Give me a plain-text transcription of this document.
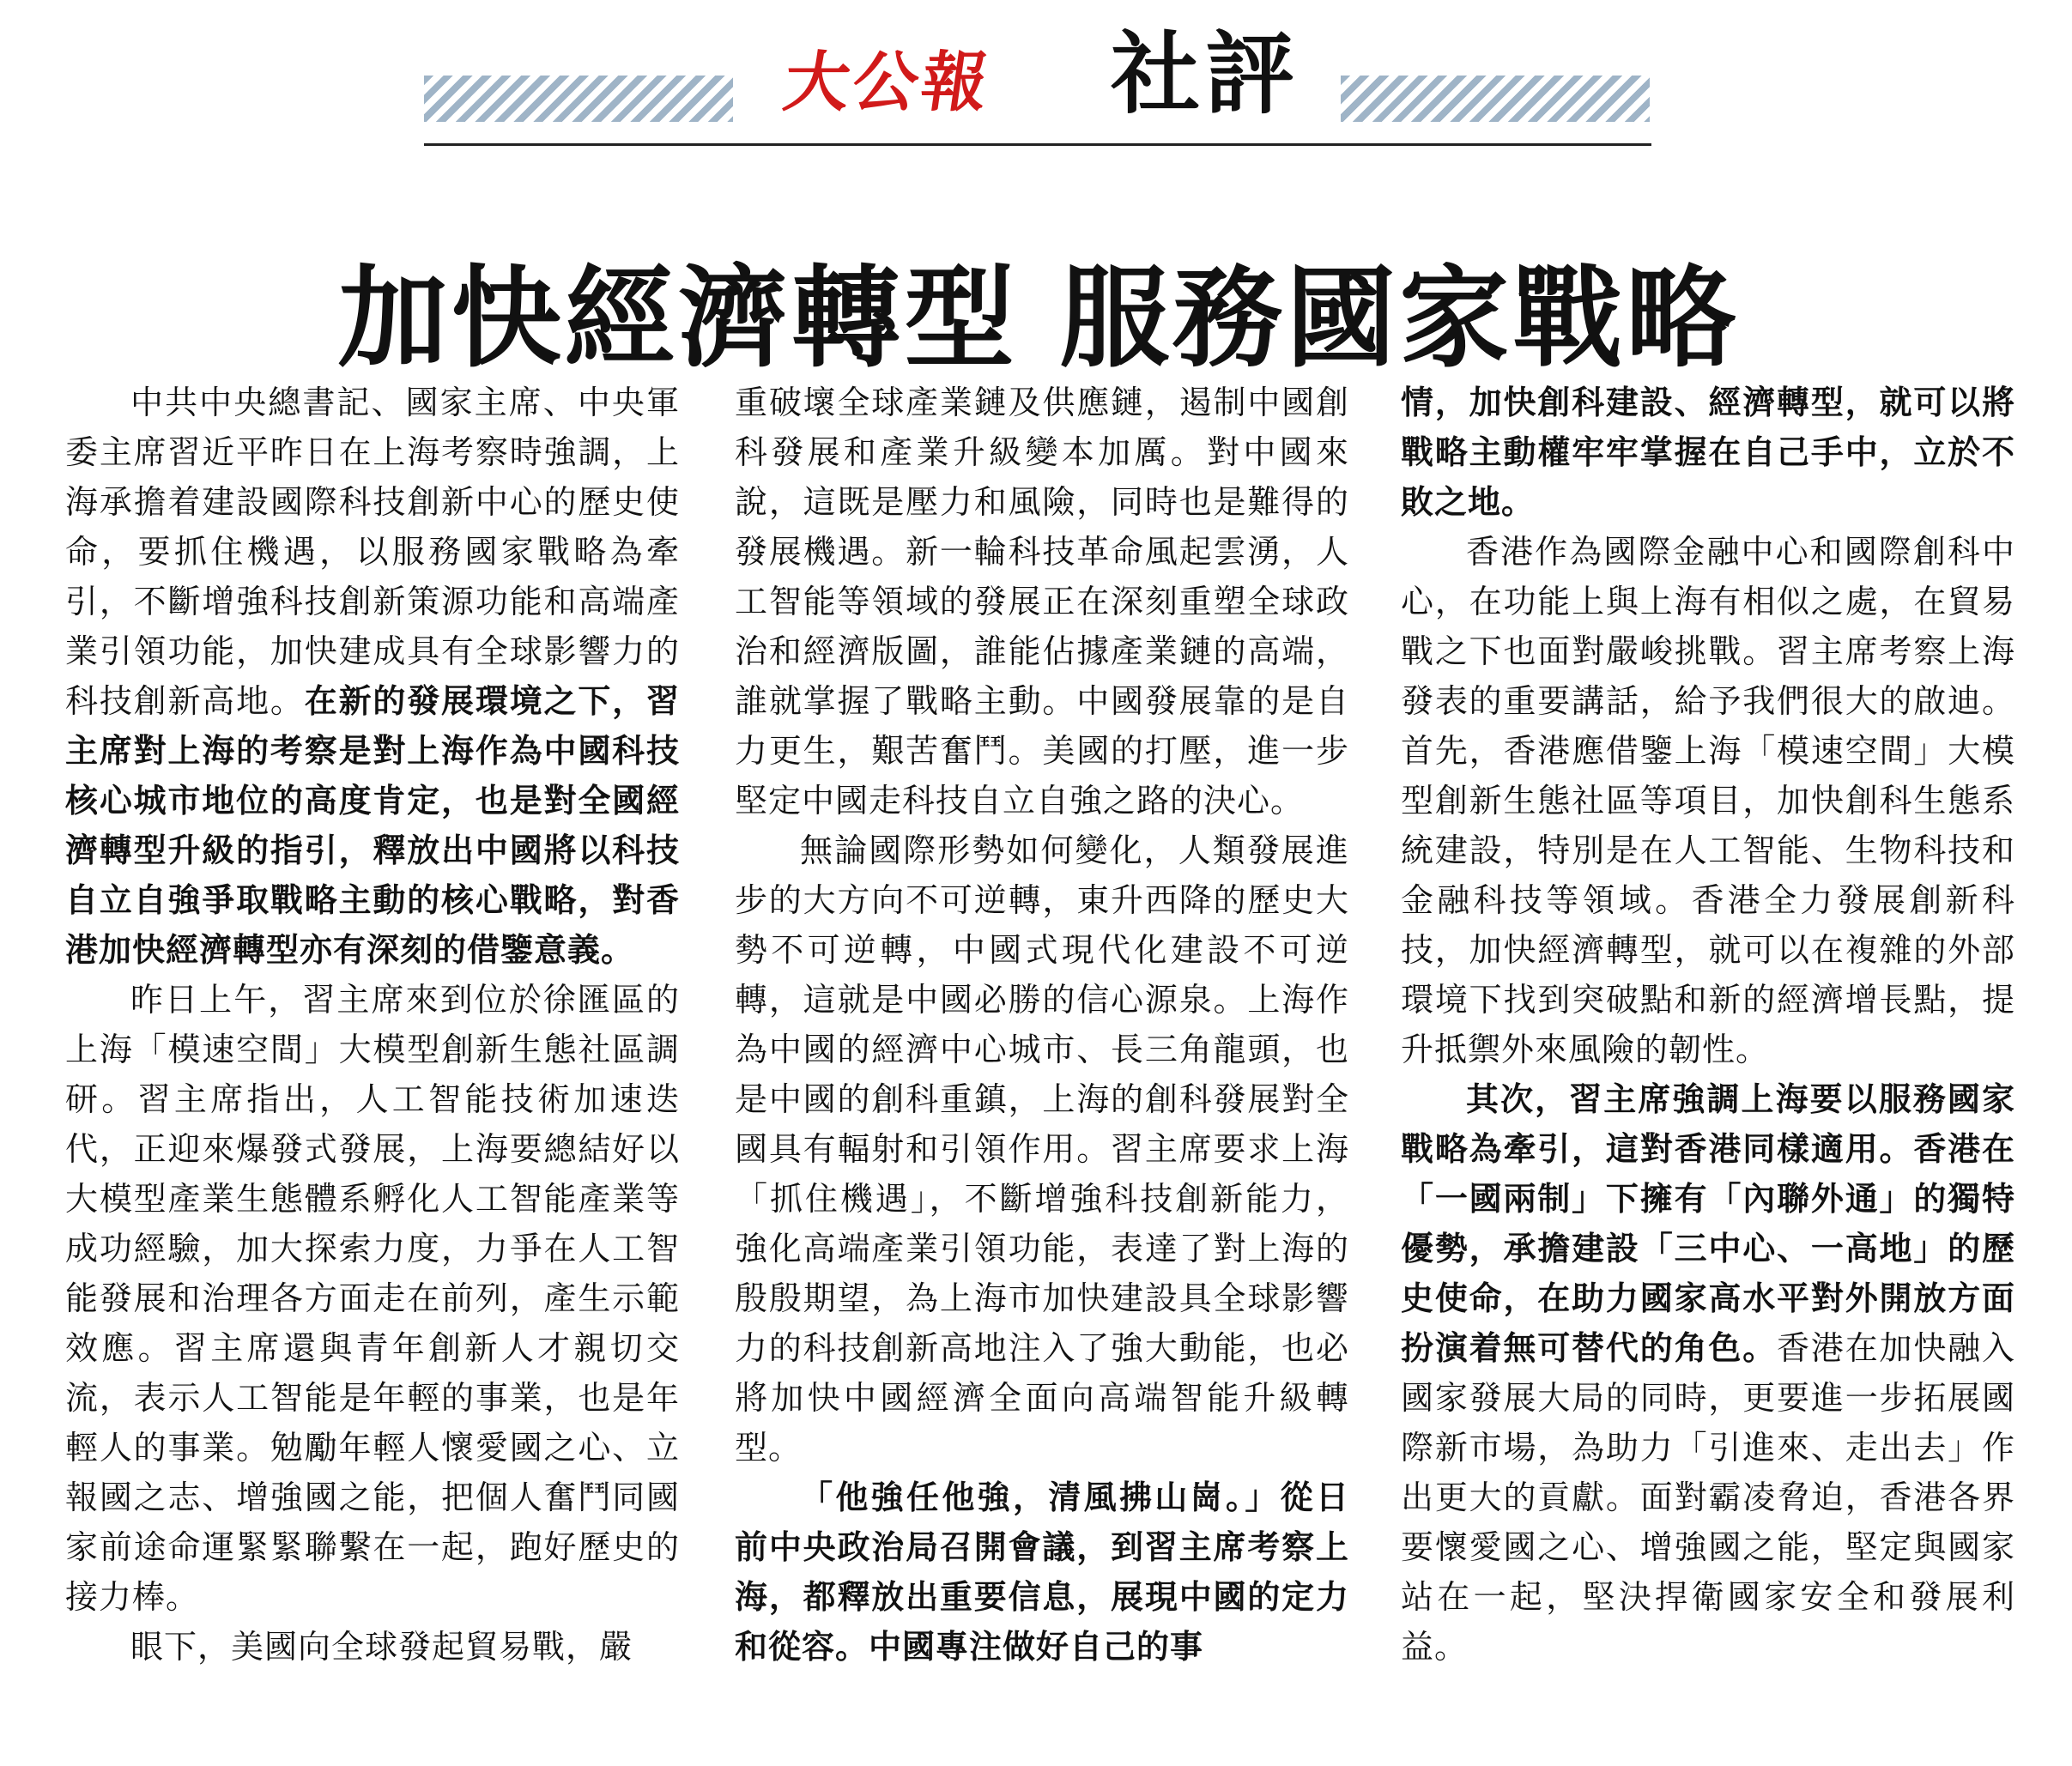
大公報 社評
加快經濟轉型 服務國家戰略

中共中央總書記、國家主席、中央軍委主席習近平昨日在上海考察時強調，上海承擔着建設國際科技創新中心的歷史使命，要抓住機遇，以服務國家戰略為牽引，不斷增強科技創新策源功能和高端產業引領功能，加快建成具有全球影響力的科技創新高地。在新的發展環境之下，習主席對上海的考察是對上海作為中國科技核心城市地位的高度肯定，也是對全國經濟轉型升級的指引，釋放出中國將以科技自立自強爭取戰略主動的核心戰略，對香港加快經濟轉型亦有深刻的借鑒意義。

昨日上午，習主席來到位於徐匯區的上海「模速空間」大模型創新生態社區調研。習主席指出，人工智能技術加速迭代，正迎來爆發式發展，上海要總結好以大模型產業生態體系孵化人工智能產業等成功經驗，加大探索力度，力爭在人工智能發展和治理各方面走在前列，產生示範效應。習主席還與青年創新人才親切交流，表示人工智能是年輕的事業，也是年輕人的事業。勉勵年輕人懷愛國之心、立報國之志、增強國之能，把個人奮鬥同國家前途命運緊緊聯繫在一起，跑好歷史的接力棒。

眼下，美國向全球發起貿易戰，嚴

重破壞全球產業鏈及供應鏈，遏制中國創科發展和產業升級變本加厲。對中國來說，這既是壓力和風險，同時也是難得的發展機遇。新一輪科技革命風起雲湧，人工智能等領域的發展正在深刻重塑全球政治和經濟版圖，誰能佔據產業鏈的高端，誰就掌握了戰略主動。中國發展靠的是自力更生，艱苦奮鬥。美國的打壓，進一步堅定中國走科技自立自強之路的決心。

無論國際形勢如何變化，人類發展進步的大方向不可逆轉，東升西降的歷史大勢不可逆轉，中國式現代化建設不可逆轉，這就是中國必勝的信心源泉。上海作為中國的經濟中心城市、長三角龍頭，也是中國的創科重鎮，上海的創科發展對全國具有輻射和引領作用。習主席要求上海「抓住機遇」，不斷增強科技創新能力，強化高端產業引領功能，表達了對上海的殷殷期望，為上海市加快建設具全球影響力的科技創新高地注入了強大動能，也必將加快中國經濟全面向高端智能升級轉型。

「他強任他強，清風拂山崗。」從日前中央政治局召開會議，到習主席考察上海，都釋放出重要信息，展現中國的定力和從容。中國專注做好自己的事

情，加快創科建設、經濟轉型，就可以將戰略主動權牢牢掌握在自己手中，立於不敗之地。

香港作為國際金融中心和國際創科中心，在功能上與上海有相似之處，在貿易戰之下也面對嚴峻挑戰。習主席考察上海發表的重要講話，給予我們很大的啟迪。首先，香港應借鑒上海「模速空間」大模型創新生態社區等項目，加快創科生態系統建設，特別是在人工智能、生物科技和金融科技等領域。香港全力發展創新科技，加快經濟轉型，就可以在複雜的外部環境下找到突破點和新的經濟增長點，提升抵禦外來風險的韌性。

其次，習主席強調上海要以服務國家戰略為牽引，這對香港同樣適用。香港在「一國兩制」下擁有「內聯外通」的獨特優勢，承擔建設「三中心、一高地」的歷史使命，在助力國家高水平對外開放方面扮演着無可替代的角色。香港在加快融入國家發展大局的同時，更要進一步拓展國際新市場，為助力「引進來、走出去」作出更大的貢獻。面對霸凌脅迫，香港各界要懷愛國之心、增強國之能，堅定與國家站在一起，堅決捍衛國家安全和發展利益。
